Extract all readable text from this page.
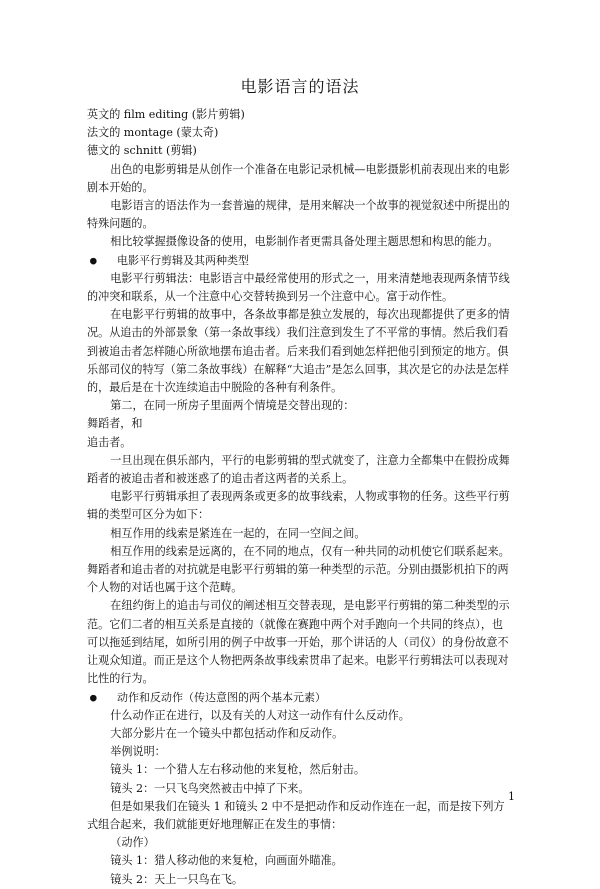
电影语言的语法

英文的 film editing (影片剪辑)

法文的 montage (蒙太奇)

德文的 schnitt (剪辑)

出色的电影剪辑是从创作一个准备在电影记录机械—电影摄影机前表现出来的电影剧本开始的。

电影语言的语法作为一套普遍的规律，是用来解决一个故事的视觉叙述中所提出的特殊问题的。

相比较掌握摄像设备的使用，电影制作者更需具备处理主题思想和构思的能力。

● 电影平行剪辑及其两种类型

电影平行剪辑法：电影语言中最经常使用的形式之一，用来清楚地表现两条情节线的冲突和联系，从一个注意中心交替转换到另一个注意中心。富于动作性。

在电影平行剪辑的故事中，各条故事都是独立发展的，每次出现都提供了更多的情况。从追击的外部景象（第一条故事线）我们注意到发生了不平常的事情。然后我们看到被追击者怎样随心所欲地摆布追击者。后来我们看到她怎样把他引到预定的地方。俱乐部司仪的特写（第二条故事线）在解释“大追击”是怎么回事，其次是它的办法是怎样的，最后是在十次连续追击中脱险的各种有利条件。

第二，在同一所房子里面两个情境是交替出现的：

舞蹈者，和

追击者。

一旦出现在俱乐部内，平行的电影剪辑的型式就变了，注意力全都集中在假扮成舞蹈者的被追击者和被迷惑了的追击者这两者的关系上。

电影平行剪辑承担了表现两条或更多的故事线索，人物或事物的任务。这些平行剪辑的类型可区分为如下：

相互作用的线索是紧连在一起的，在同一空间之间。

相互作用的线索是远离的，在不同的地点，仅有一种共同的动机使它们联系起来。舞蹈者和追击者的对抗就是电影平行剪辑的第一种类型的示范。分别由摄影机拍下的两个人物的对话也属于这个范畴。

在纽约街上的追击与司仪的阐述相互交替表现，是电影平行剪辑的第二种类型的示范。它们二者的相互关系是直接的（就像在赛跑中两个对手跑向一个共同的终点），也可以拖延到结尾，如所引用的例子中故事一开始，那个讲话的人（司仪）的身份故意不让观众知道。而正是这个人物把两条故事线索贯串了起来。电影平行剪辑法可以表现对比性的行为。

● 动作和反动作（传达意图的两个基本元素）

什么动作正在进行，以及有关的人对这一动作有什么反动作。

大部分影片在一个镜头中都包括动作和反动作。

举例说明：

镜头 1：一个猎人左右移动他的来复枪，然后射击。

镜头 2：一只飞鸟突然被击中掉了下来。

但是如果我们在镜头 1 和镜头 2 中不是把动作和反动作连在一起，而是按下列方式组合起来，我们就能更好地理解正在发生的事情：

（动作）

镜头 1：猎人移动他的来复枪，向画面外瞄准。

镜头 2：天上一只鸟在飞。

1
